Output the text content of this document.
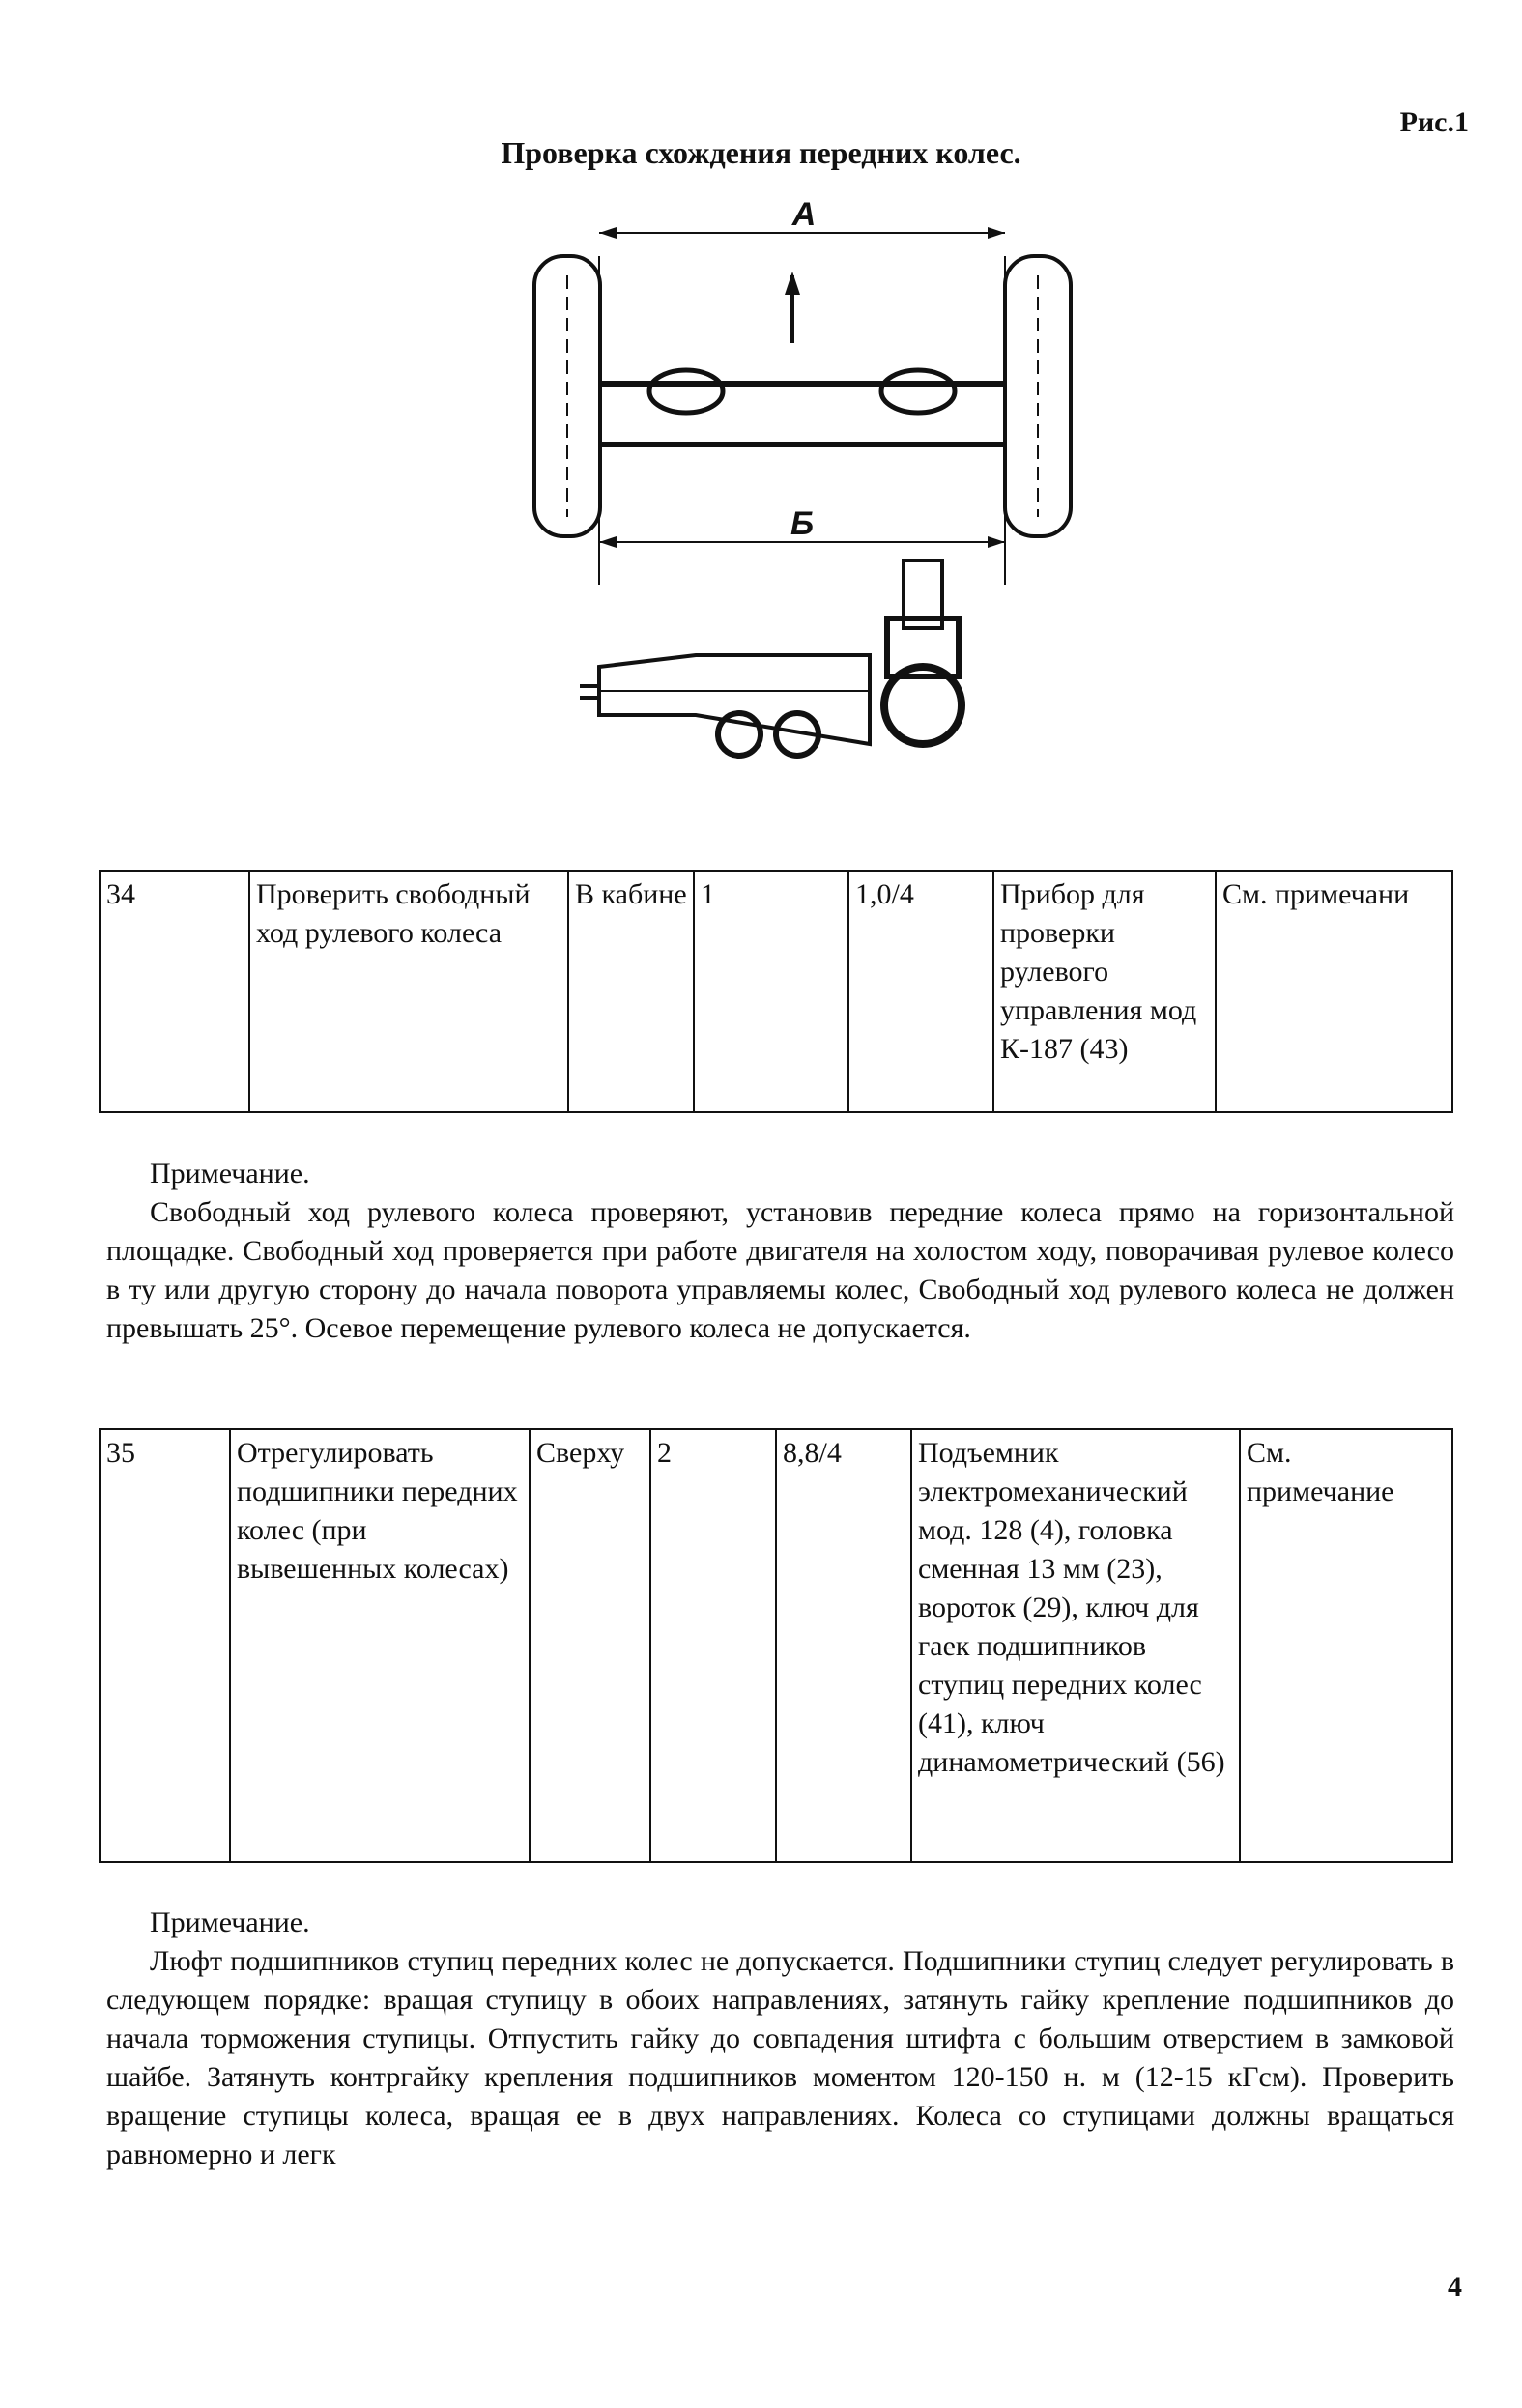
Рис.1
Проверка схождения передних колес.
А
Б
34	Проверить свободный ход рулевого колеса	В кабине	1	1,0/4	Прибор для проверки рулевого управления мод К-187 (43)	См. примечани
Примечание.
Свободный ход рулевого колеса проверяют, установив передние колеса прямо на горизонтальной площадке. Свободный ход проверяется при работе двигателя на холостом ходу, поворачивая рулевое колесо в ту или другую сторону до начала поворота управляемы колес, Свободный ход рулевого колеса не должен превышать 25°. Осевое перемещение рулевого колеса не допускается.
35	Отрегулировать подшипники передних колес (при вывешенных колесах)	Сверху	2	8,8/4	Подъемник электромеханический мод. 128 (4), головка сменная 13 мм (23), вороток (29), ключ для гаек подшипников ступиц передних колес (41), ключ динамометрический (56)	См. примечание
Примечание.
Люфт подшипников ступиц передних колес не допускается. Подшипники ступиц следует регулировать в следующем порядке: вращая ступицу в обоих направлениях, затянуть гайку крепление подшипников до начала торможения ступицы. Отпустить гайку до совпадения штифта с большим отверстием в замковой шайбе. Затянуть контргайку крепления подшипников моментом 120-150 н. м (12-15 кГсм). Проверить вращение ступицы колеса, вращая ее в двух направлениях. Колеса со ступицами должны вращаться равномерно и легк
4
